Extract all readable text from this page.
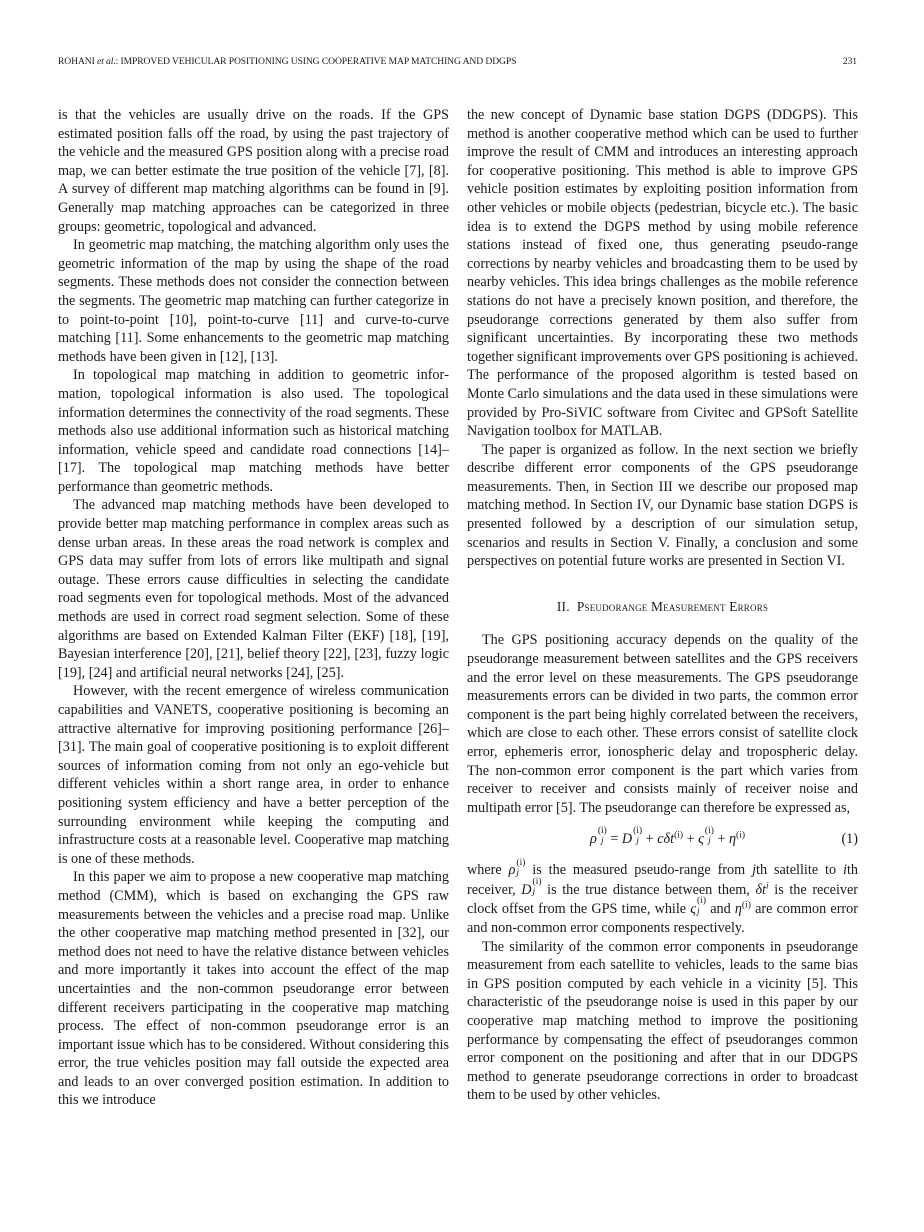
ROHANI et al.: IMPROVED VEHICULAR POSITIONING USING COOPERATIVE MAP MATCHING AND DDGPS	231

is that the vehicles are usually drive on the roads. If the GPS estimated position falls off the road, by using the past trajectory of the vehicle and the measured GPS position along with a precise road map, we can better estimate the true position of the vehicle [7], [8]. A survey of different map matching algorithms can be found in [9]. Generally map matching approaches can be categorized in three groups: geometric, topological and advanced.

In geometric map matching, the matching algorithm only uses the geometric information of the map by using the shape of the road segments. These methods does not consider the connection between the segments. The geometric map matching can further categorize in to point-to-point [10], point-to-curve [11] and curve-to-curve matching [11]. Some enhancements to the geometric map matching methods have been given in [12], [13].

In topological map matching in addition to geometric information, topological information is also used. The topological information determines the connectivity of the road segments. These methods also use additional information such as historical matching information, vehicle speed and candidate road connections [14]–[17]. The topological map matching methods have better performance than geometric methods.

The advanced map matching methods have been developed to provide better map matching performance in complex areas such as dense urban areas. In these areas the road network is complex and GPS data may suffer from lots of errors like multipath and signal outage. These errors cause difficulties in selecting the candidate road segments even for topological methods. Most of the advanced methods are used in correct road segment selection. Some of these algorithms are based on Extended Kalman Filter (EKF) [18], [19], Bayesian interference [20], [21], belief theory [22], [23], fuzzy logic [19], [24] and artificial neural networks [24], [25].

However, with the recent emergence of wireless communication capabilities and VANETS, cooperative positioning is becoming an attractive alternative for improving positioning performance [26]–[31]. The main goal of cooperative positioning is to exploit different sources of information coming from not only an ego-vehicle but different vehicles within a short range area, in order to enhance positioning system efficiency and have a better perception of the surrounding environment while keeping the computing and infrastructure costs at a reasonable level. Cooperative map matching is one of these methods.

In this paper we aim to propose a new cooperative map matching method (CMM), which is based on exchanging the GPS raw measurements between the vehicles and a precise road map. Unlike the other cooperative map matching method presented in [32], our method does not need to have the relative distance between vehicles and more importantly it takes into account the effect of the map uncertainties and the non-common pseudorange error between different receivers participating in the cooperative map matching process. The effect of non-common pseudorange error is an important issue which has to be considered. Without considering this error, the true vehicles position may fall outside the expected area and leads to an over converged position estimation. In addition to this we introduce

the new concept of Dynamic base station DGPS (DDGPS). This method is another cooperative method which can be used to further improve the result of CMM and introduces an interesting approach for cooperative positioning. This method is able to improve GPS vehicle position estimates by exploiting position information from other vehicles or mobile objects (pedestrian, bicycle etc.). The basic idea is to extend the DGPS method by using mobile reference stations instead of fixed one, thus generating pseudo-range corrections by nearby vehicles and broadcasting them to be used by nearby vehicles. This idea brings challenges as the mobile reference stations do not have a precisely known position, and therefore, the pseudorange corrections generated by them also suffer from significant uncertainties. By incorporating these two methods together significant improvements over GPS positioning is achieved. The performance of the proposed algorithm is tested based on Monte Carlo simulations and the data used in these simulations were provided by Pro-SiVIC software from Civitec and GPSoft Satellite Navigation toolbox for MATLAB.

The paper is organized as follow. In the next section we briefly describe different error components of the GPS pseudorange measurements. Then, in Section III we describe our proposed map matching method. In Section IV, our Dynamic base station DGPS is presented followed by a description of our simulation setup, scenarios and results in Section V. Finally, a conclusion and some perspectives on potential future works are presented in Section VI.

II. Pseudorange Measurement Errors

The GPS positioning accuracy depends on the quality of the pseudorange measurement between satellites and the GPS receivers and the error level on these measurements. The GPS pseudorange measurements errors can be divided in two parts, the common error component is the part being highly correlated between the receivers, which are close to each other. These errors consist of satellite clock error, ephemeris error, ionospheric delay and tropospheric delay. The non-common error component is the part which varies from receiver to receiver and consists mainly of receiver noise and multipath error [5]. The pseudorange can therefore be expressed as,

ρ (i)
j = D (i)
j + cδt$^{(i)}$ + ς (i)
$j + \eta^{(i)}$	(1)

where ρ (i)
j is the measured pseudo-range from jth satellite to ith receiver, D (i)
j is the true distance between them, $\delta t^i$ is the receiver clock offset from the GPS time, while ς (i)
j and $\eta^{(i)}$ are common error and non-common error components respectively.

The similarity of the common error components in pseudorange measurement from each satellite to vehicles, leads to the same bias in GPS position computed by each vehicle in a vicinity [5]. This characteristic of the pseudorange noise is used in this paper by our cooperative map matching method to improve the positioning performance by compensating the effect of pseudoranges common error component on the positioning and after that in our DDGPS method to generate pseudorange corrections in order to broadcast them to be used by other vehicles.
